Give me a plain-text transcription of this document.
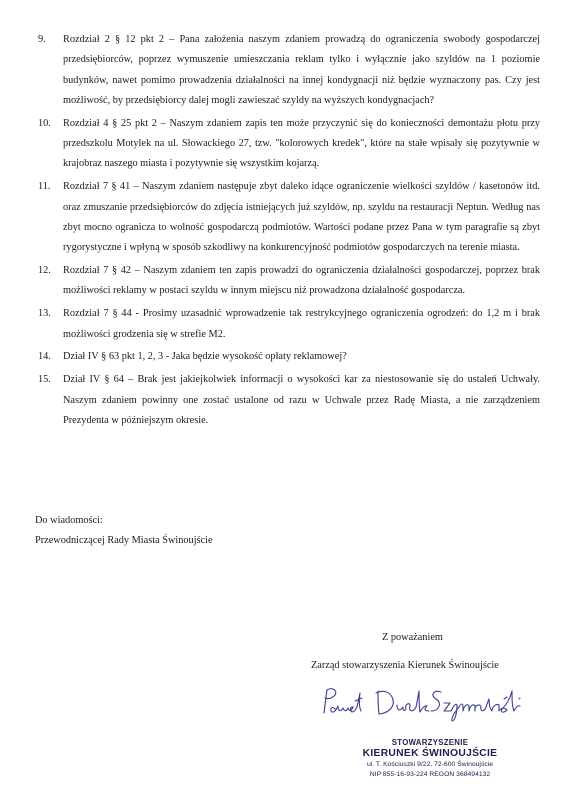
9.	Rozdział 2 § 12 pkt 2 – Pana założenia naszym zdaniem prowadzą do ograniczenia swobody gospodarczej przedsiębiorców, poprzez wymuszenie umieszczania reklam tylko i wyłącznie jako szyldów na 1 poziomie budynków, nawet pomimo prowadzenia działalności na innej kondygnacji niż będzie wyznaczony pas. Czy jest możliwość, by przedsiębiorcy dalej mogli zawieszać szyldy na wyższych kondygnacjach?
10.	Rozdział 4 § 25 pkt 2 – Naszym zdaniem zapis ten może przyczynić się do konieczności demontażu płotu przy przedszkolu Motylek na ul. Słowackiego 27, tzw. "kolorowych kredek", które na stałe wpisały się pozytywnie w krajobraz naszego miasta i pozytywnie się wszystkim kojarzą.
11.	Rozdział 7 § 41 – Naszym zdaniem następuje zbyt daleko idące ograniczenie wielkości szyldów / kasetonów itd. oraz zmuszanie przedsiębiorców do zdjęcia istniejących już szyldów, np. szyldu na restauracji Neptun. Według nas zbyt mocno ogranicza to wolność gospodarczą podmiotów. Wartości podane przez Pana w tym paragrafie są zbyt rygorystyczne i wpłyną w sposób szkodliwy na konkurencyjność podmiotów gospodarczych na terenie miasta.
12.	Rozdział 7 § 42 – Naszym zdaniem ten zapis prowadzi do ograniczenia działalności gospodarczej, poprzez brak możliwości reklamy w postaci szyldu w innym miejscu niż prowadzona działalność gospodarcza.
13.	Rozdział 7 § 44 - Prosimy uzasadnić wprowadzenie tak restrykcyjnego ograniczenia ogrodzeń: do 1,2 m i brak możliwości grodzenia się w strefie M2.
14.	Dział IV § 63 pkt 1, 2, 3 - Jaka będzie wysokość opłaty reklamowej?
15.	Dział IV § 64 – Brak jest jakiejkolwiek informacji o wysokości kar za niestosowanie się do ustaleń Uchwały. Naszym zdaniem powinny one zostać ustalone od razu w Uchwale przez Radę Miasta, a nie zarządzeniem Prezydenta w późniejszym okresie.
Do wiadomości:
Przewodniczącej Rady Miasta Świnoujście
Z poważaniem
Zarząd stowarzyszenia Kierunek Świnoujście
STOWARZYSZENIE
KIERUNEK ŚWINOUJŚCIE
ul. T. Kościuszki 9/22, 72-600 Świnoujście
NIP 855-16-93-224 REGON 368494132
